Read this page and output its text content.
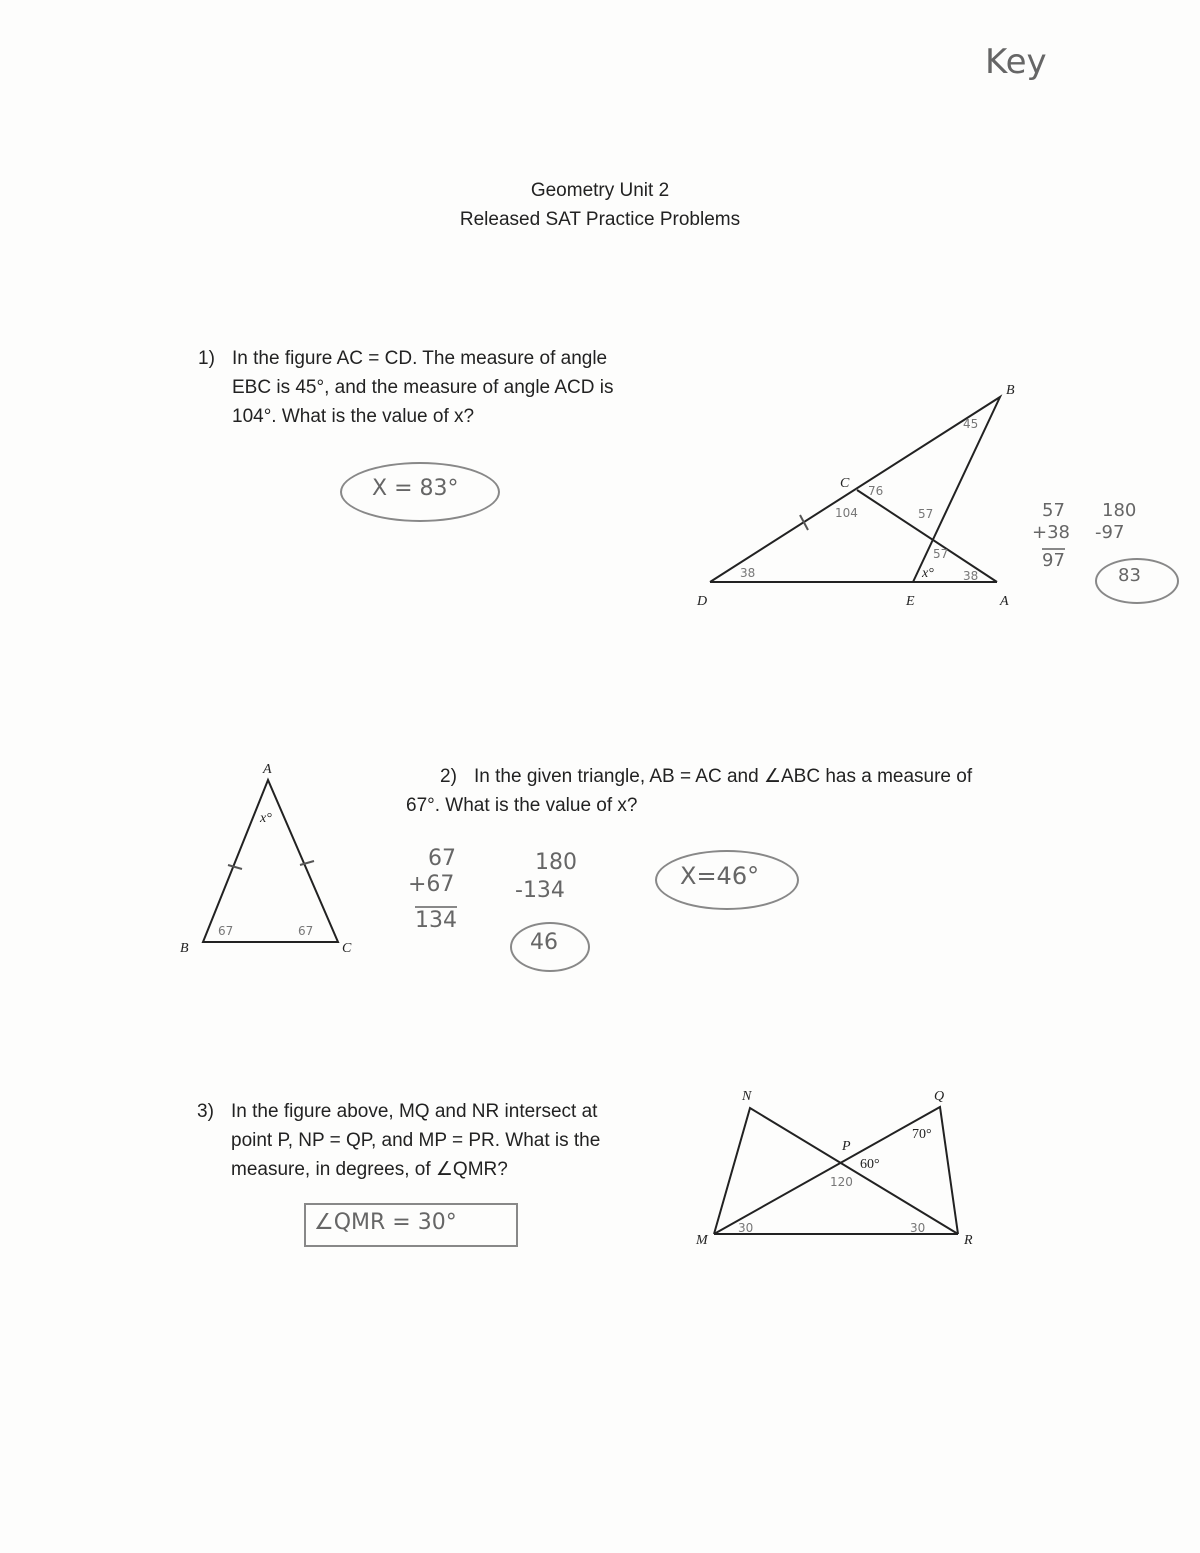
Key
Geometry Unit 2
Released SAT Practice Problems
1) In the figure AC = CD. The measure of angle
EBC is 45°, and the measure of angle ACD is
104°. What is the value of x?
X = 83°
B
C
D	E	A
x°
45
76
104	57
57
38	38
A
B	C
x°
67	67
N	Q
P
M	R
70°
60°
120
30	30
57
+38
97
180
-97
83
2) In the given triangle, AB = AC and ∠ABC has a measure of
67°. What is the value of x?
67
+67
134
180
-134
46
X=46°
3) In the figure above, MQ and NR intersect at
point P, NP = QP, and MP = PR. What is the
measure, in degrees, of ∠QMR?
∠QMR = 30°
